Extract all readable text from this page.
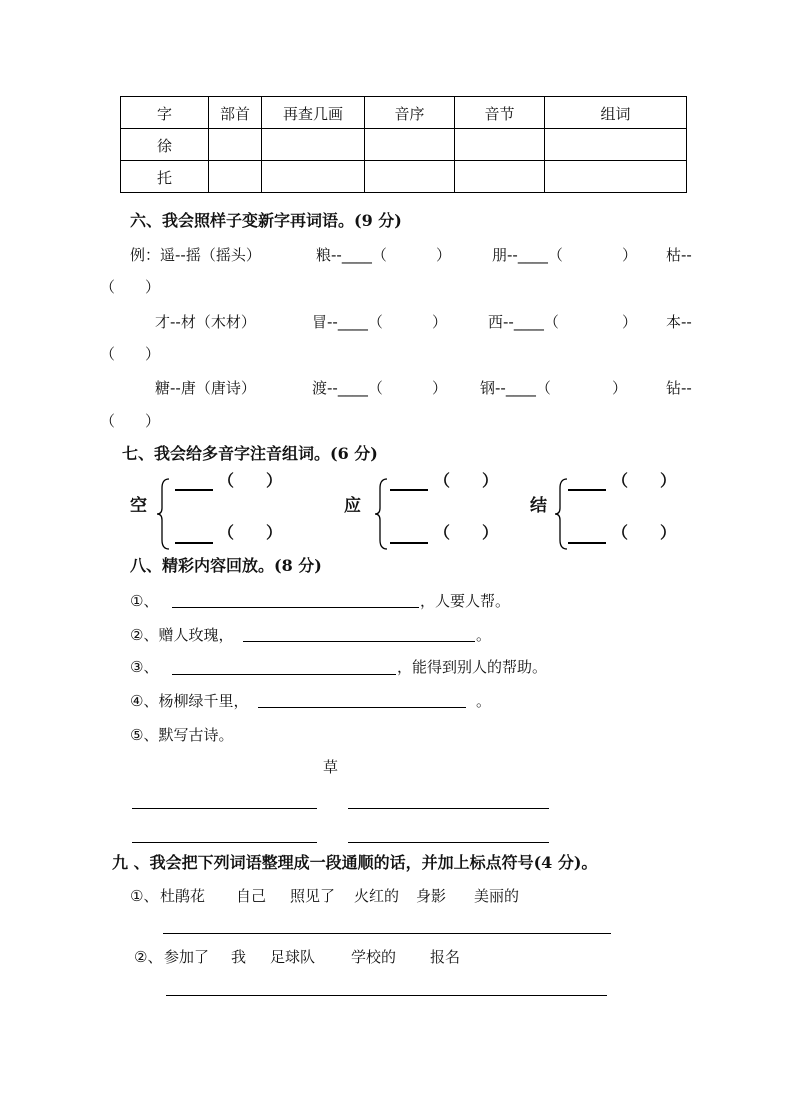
字	部首	再查几画	音序	音节	组词
徐					
托					
六、我会照样子变新字再词语。(9 分)
例：遥--摇（摇头）	粮--____（	）	朋--____（	） 枯--
（　　）
才--材（木材）	冒--____（	）	西--____（	） 本--
（　　）
糖--唐（唐诗）	渡--____（	） 钢--____（	）	钻--
（　　）
七、我会给多音字注音组词。(6 分)
空
（　　）
（　　）
应
（　　）
（　　）
结
（　　）
（　　）
八、精彩内容回放。(8 分)
①、	，人要人帮。
②、赠人玫瑰，	。
③、	，能得到别人的帮助。
④、杨柳绿千里，	。
⑤、默写古诗。
草
九 、我会把下列词语整理成一段通顺的话，并加上标点符号(4 分)。
①、 杜鹃花 自己 照见了 火红的 身影 美丽的
②、 参加了 我 足球队 学校的 报名
